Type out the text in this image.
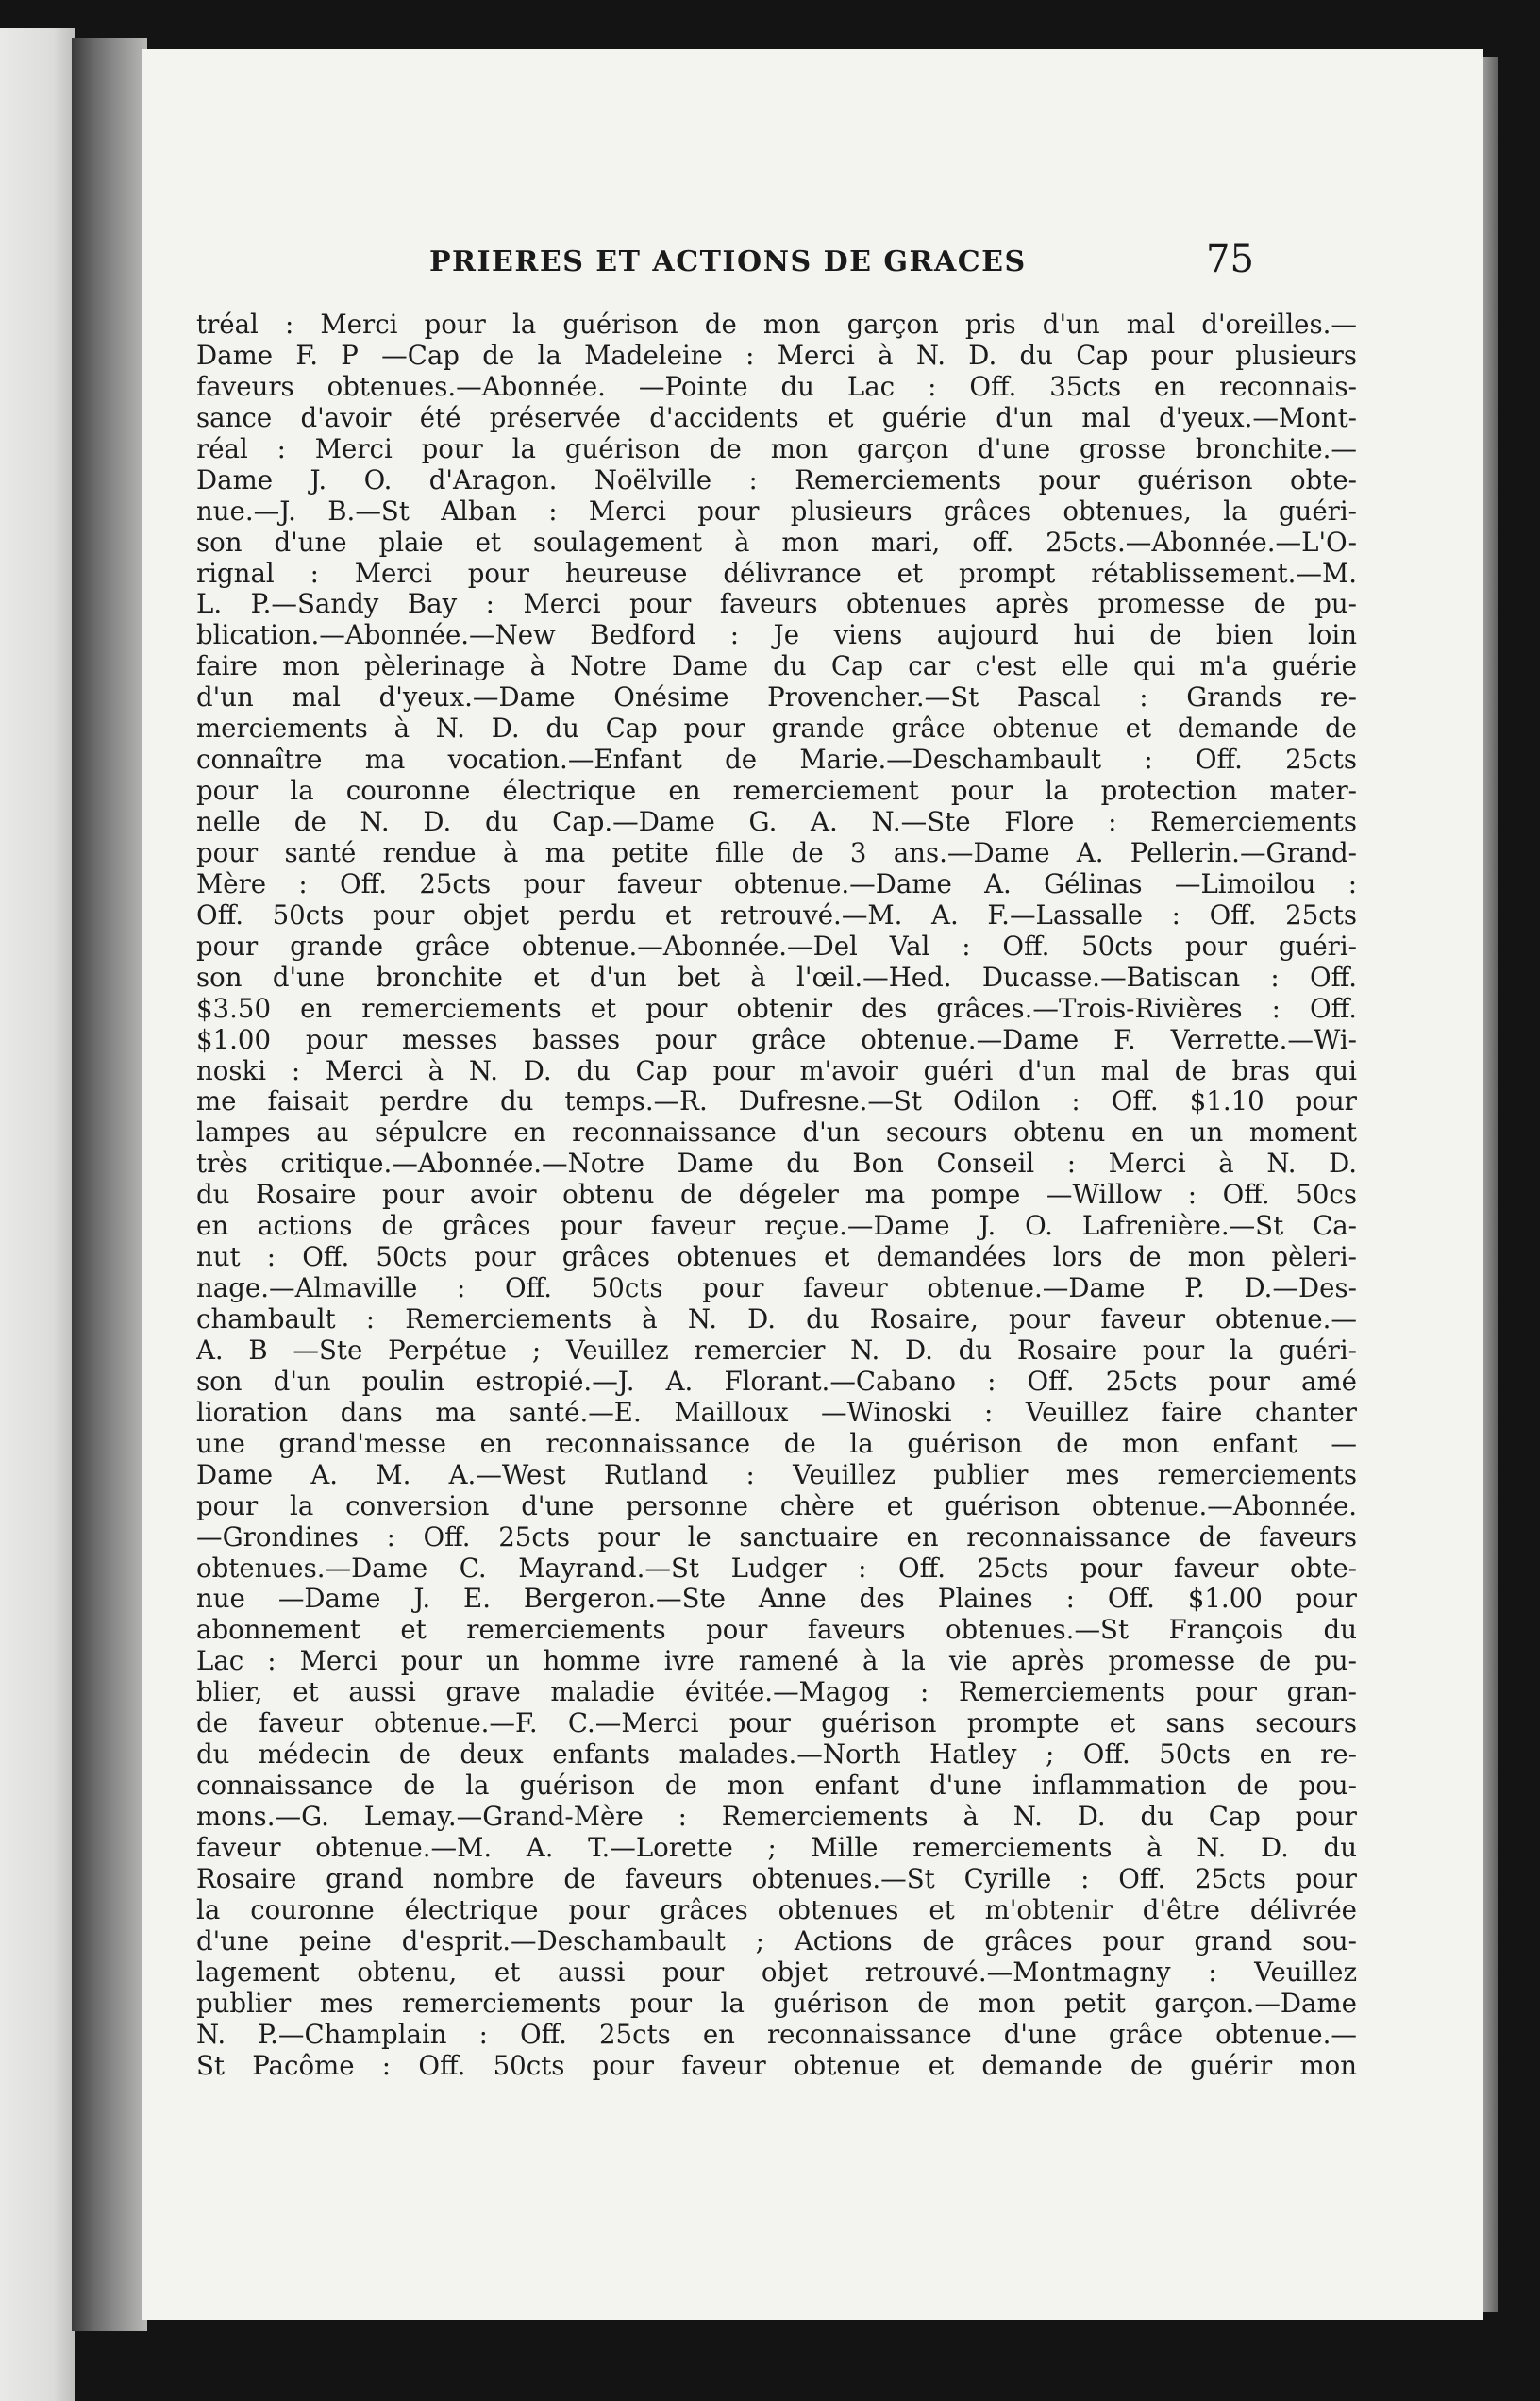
PRIERES ET ACTIONS DE GRACES	75
tréal : Merci pour la guérison de mon garçon pris d'un mal d'oreilles.—
Dame F. P —Cap de la Madeleine : Merci à N. D. du Cap pour plusieurs
faveurs obtenues.—Abonnée. —Pointe du Lac : Off. 35cts en reconnais-
sance d'avoir été préservée d'accidents et guérie d'un mal d'yeux.—Mont-
réal : Merci pour la guérison de mon garçon d'une grosse bronchite.—
Dame J. O. d'Aragon. Noëlville : Remerciements pour guérison obte-
nue.—J. B.—St Alban : Merci pour plusieurs grâces obtenues, la guéri-
son d'une plaie et soulagement à mon mari, off. 25cts.—Abonnée.—L'O-
rignal : Merci pour heureuse délivrance et prompt rétablissement.—M.
L. P.—Sandy Bay : Merci pour faveurs obtenues après promesse de pu-
blication.—Abonnée.—New Bedford : Je viens aujourd hui de bien loin
faire mon pèlerinage à Notre Dame du Cap car c'est elle qui m'a guérie
d'un mal d'yeux.—Dame Onésime Provencher.—St Pascal : Grands re-
merciements à N. D. du Cap pour grande grâce obtenue et demande de
connaître ma vocation.—Enfant de Marie.—Deschambault : Off. 25cts
pour la couronne électrique en remerciement pour la protection mater-
nelle de N. D. du Cap.—Dame G. A. N.—Ste Flore : Remerciements
pour santé rendue à ma petite fille de 3 ans.—Dame A. Pellerin.—Grand-
Mère : Off. 25cts pour faveur obtenue.—Dame A. Gélinas —Limoilou :
Off. 50cts pour objet perdu et retrouvé.—M. A. F.—Lassalle : Off. 25cts
pour grande grâce obtenue.—Abonnée.—Del Val : Off. 50cts pour guéri-
son d'une bronchite et d'un bet à l'œil.—Hed. Ducasse.—Batiscan : Off.
$3.50 en remerciements et pour obtenir des grâces.—Trois-Rivières : Off.
$1.00 pour messes basses pour grâce obtenue.—Dame F. Verrette.—Wi-
noski : Merci à N. D. du Cap pour m'avoir guéri d'un mal de bras qui
me faisait perdre du temps.—R. Dufresne.—St Odilon : Off. $1.10 pour
lampes au sépulcre en reconnaissance d'un secours obtenu en un moment
très critique.—Abonnée.—Notre Dame du Bon Conseil : Merci à N. D.
du Rosaire pour avoir obtenu de dégeler ma pompe —Willow : Off. 50cs
en actions de grâces pour faveur reçue.—Dame J. O. Lafrenière.—St Ca-
nut : Off. 50cts pour grâces obtenues et demandées lors de mon pèleri-
nage.—Almaville : Off. 50cts pour faveur obtenue.—Dame P. D.—Des-
chambault : Remerciements à N. D. du Rosaire, pour faveur obtenue.—
A. B —Ste Perpétue ; Veuillez remercier N. D. du Rosaire pour la guéri-
son d'un poulin estropié.—J. A. Florant.—Cabano : Off. 25cts pour amé
lioration dans ma santé.—E. Mailloux —Winoski : Veuillez faire chanter
une grand'messe en reconnaissance de la guérison de mon enfant —
Dame A. M. A.—West Rutland : Veuillez publier mes remerciements
pour la conversion d'une personne chère et guérison obtenue.—Abonnée.
—Grondines : Off. 25cts pour le sanctuaire en reconnaissance de faveurs
obtenues.—Dame C. Mayrand.—St Ludger : Off. 25cts pour faveur obte-
nue —Dame J. E. Bergeron.—Ste Anne des Plaines : Off. $1.00 pour
abonnement et remerciements pour faveurs obtenues.—St François du
Lac : Merci pour un homme ivre ramené à la vie après promesse de pu-
blier, et aussi grave maladie évitée.—Magog : Remerciements pour gran-
de faveur obtenue.—F. C.—Merci pour guérison prompte et sans secours
du médecin de deux enfants malades.—North Hatley ; Off. 50cts en re-
connaissance de la guérison de mon enfant d'une inflammation de pou-
mons.—G. Lemay.—Grand-Mère : Remerciements à N. D. du Cap pour
faveur obtenue.—M. A. T.—Lorette ; Mille remerciements à N. D. du
Rosaire grand nombre de faveurs obtenues.—St Cyrille : Off. 25cts pour
la couronne électrique pour grâces obtenues et m'obtenir d'être délivrée
d'une peine d'esprit.—Deschambault ; Actions de grâces pour grand sou-
lagement obtenu, et aussi pour objet retrouvé.—Montmagny : Veuillez
publier mes remerciements pour la guérison de mon petit garçon.—Dame
N. P.—Champlain : Off. 25cts en reconnaissance d'une grâce obtenue.—
St Pacôme : Off. 50cts pour faveur obtenue et demande de guérir mon
